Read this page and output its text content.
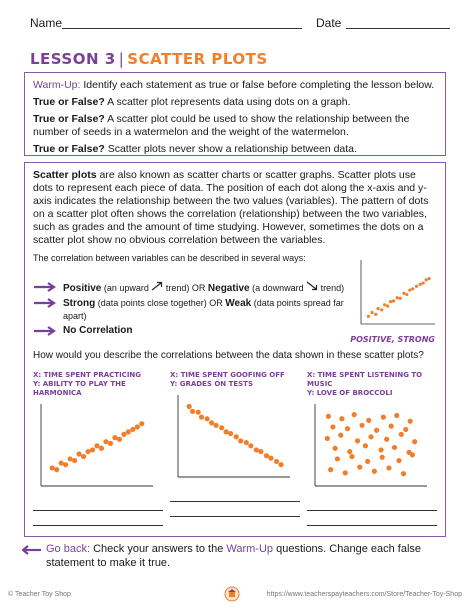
Name	Date
LESSON 3 | SCATTER PLOTS

Warm-Up: Identify each statement as true or false before completing the lesson below.

True or False? A scatter plot represents data using dots on a graph.

True or False? A scatter plot could be used to show the relationship between the number of seeds in a watermelon and the weight of the watermelon.

True or False? Scatter plots never show a relationship between data.

Scatter plots are also known as scatter charts or scatter graphs. Scatter plots use dots to represent each piece of data. The position of each dot along the x-axis and y-axis indicates the relationship between the two values (variables). The pattern of dots on a scatter plot often shows the correlation (relationship) between the two variables, such as grades and the amount of time studying. However, sometimes the dots on a scatter plot show no obvious correlation between the variables.

The correlation between variables can be described in several ways:

Positive (an upward  trend) OR Negative (a downward  trend)
Strong (data points close together) OR Weak (data points spread far apart)
No Correlation
POSITIVE, STRONG

How would you describe the correlations between the data shown in these scatter plots?

X: TIME SPENT PRACTICING
Y: ABILITY TO PLAY THE HARMONICA
X: TIME SPENT GOOFING OFF
Y: GRADES ON TESTS
X: TIME SPENT LISTENING TO MUSIC
Y: LOVE OF BROCCOLI
Go back: Check your answers to the Warm-Up questions. Change each false statement to make it true.
© Teacher Toy Shop	https://www.teacherspayteachers.com/Store/Teacher-Toy-Shop
